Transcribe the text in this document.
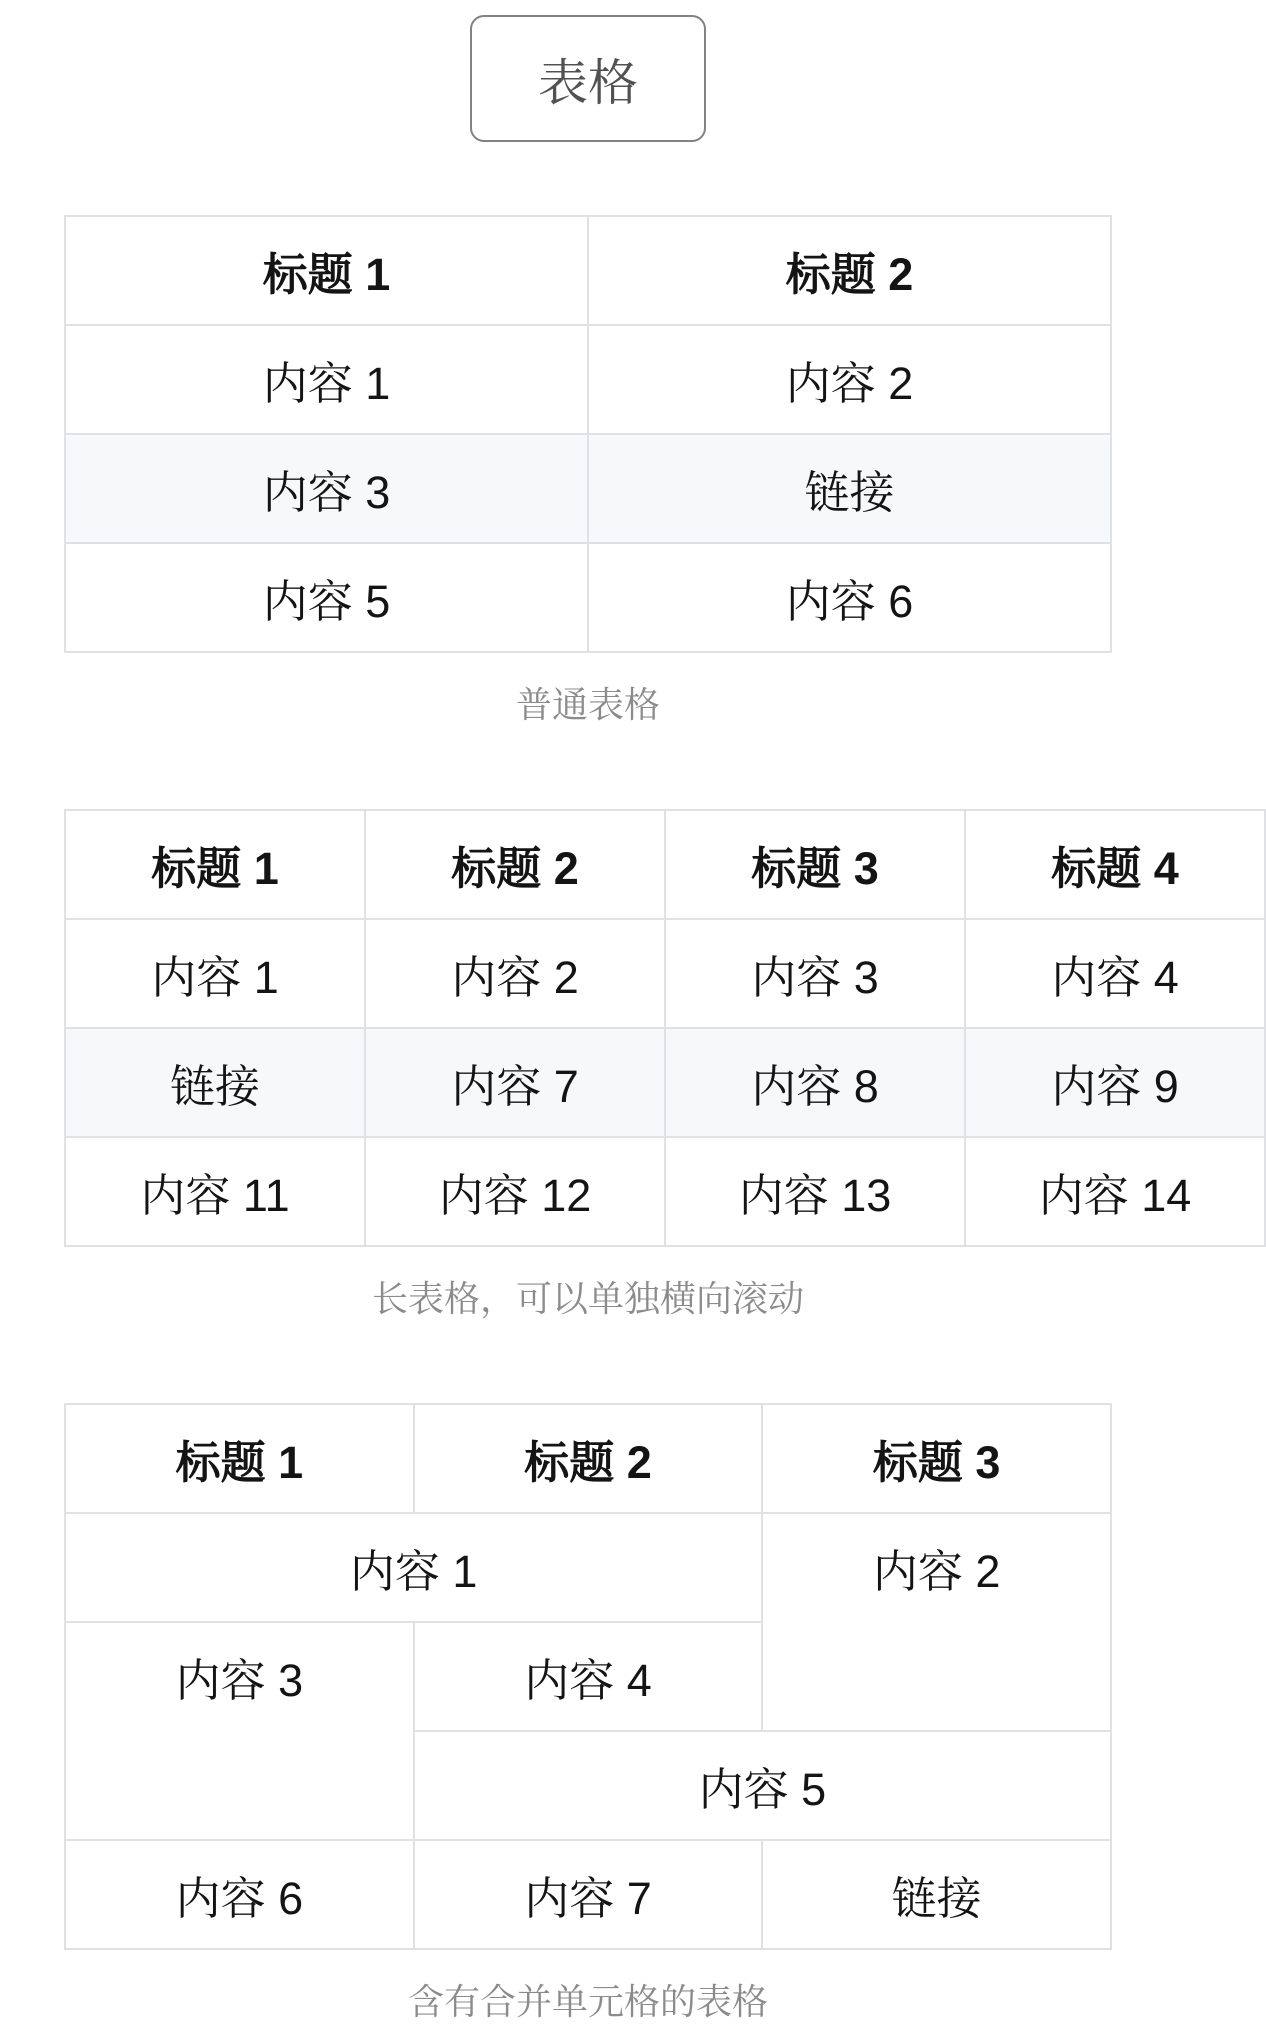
表格
标题 1	标题 2

内容 1	内容 2

内容 3	链接

内容 5	内容 6
普通表格
标题 1	标题 2	标题 3	标题 4

内容 1	内容 2	内容 3	内容 4

链接	内容 7	内容 8	内容 9

内容 11	内容 12	内容 13	内容 14
长表格，可以单独横向滚动
标题 1	标题 2	标题 3

内容 1		内容 2

内容 3	内容 4	

内容 5	

内容 6	内容 7	链接
含有合并单元格的表格
